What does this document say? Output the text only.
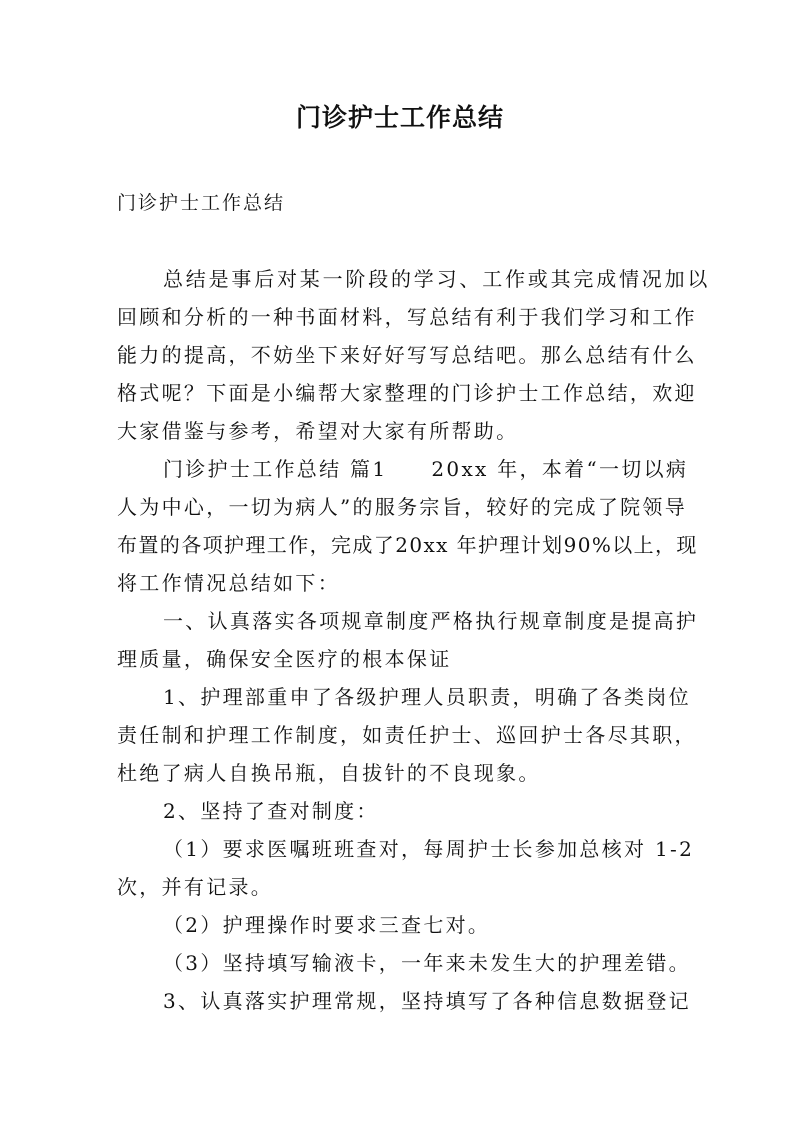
门诊护士工作总结

门诊护士工作总结

总结是事后对某一阶段的学习、工作或其完成情况加以

回顾和分析的一种书面材料，写总结有利于我们学习和工作

能力的提高，不妨坐下来好好写写总结吧。那么总结有什么

格式呢？下面是小编帮大家整理的门诊护士工作总结，欢迎

大家借鉴与参考，希望对大家有所帮助。

门诊护士工作总结 篇1 20xx 年，本着“一切以病

人为中心，一切为病人”的服务宗旨，较好的完成了院领导

布置的各项护理工作，完成了20xx 年护理计划90%以上，现

将工作情况总结如下：

一、认真落实各项规章制度严格执行规章制度是提高护

理质量，确保安全医疗的根本保证

1、护理部重申了各级护理人员职责，明确了各类岗位

责任制和护理工作制度，如责任护士、巡回护士各尽其职，

杜绝了病人自换吊瓶，自拔针的不良现象。

2、坚持了查对制度：

（1）要求医嘱班班查对，每周护士长参加总核对 1-2

次，并有记录。

（2）护理操作时要求三查七对。

（3）坚持填写输液卡，一年来未发生大的护理差错。

3、认真落实护理常规，坚持填写了各种信息数据登记
